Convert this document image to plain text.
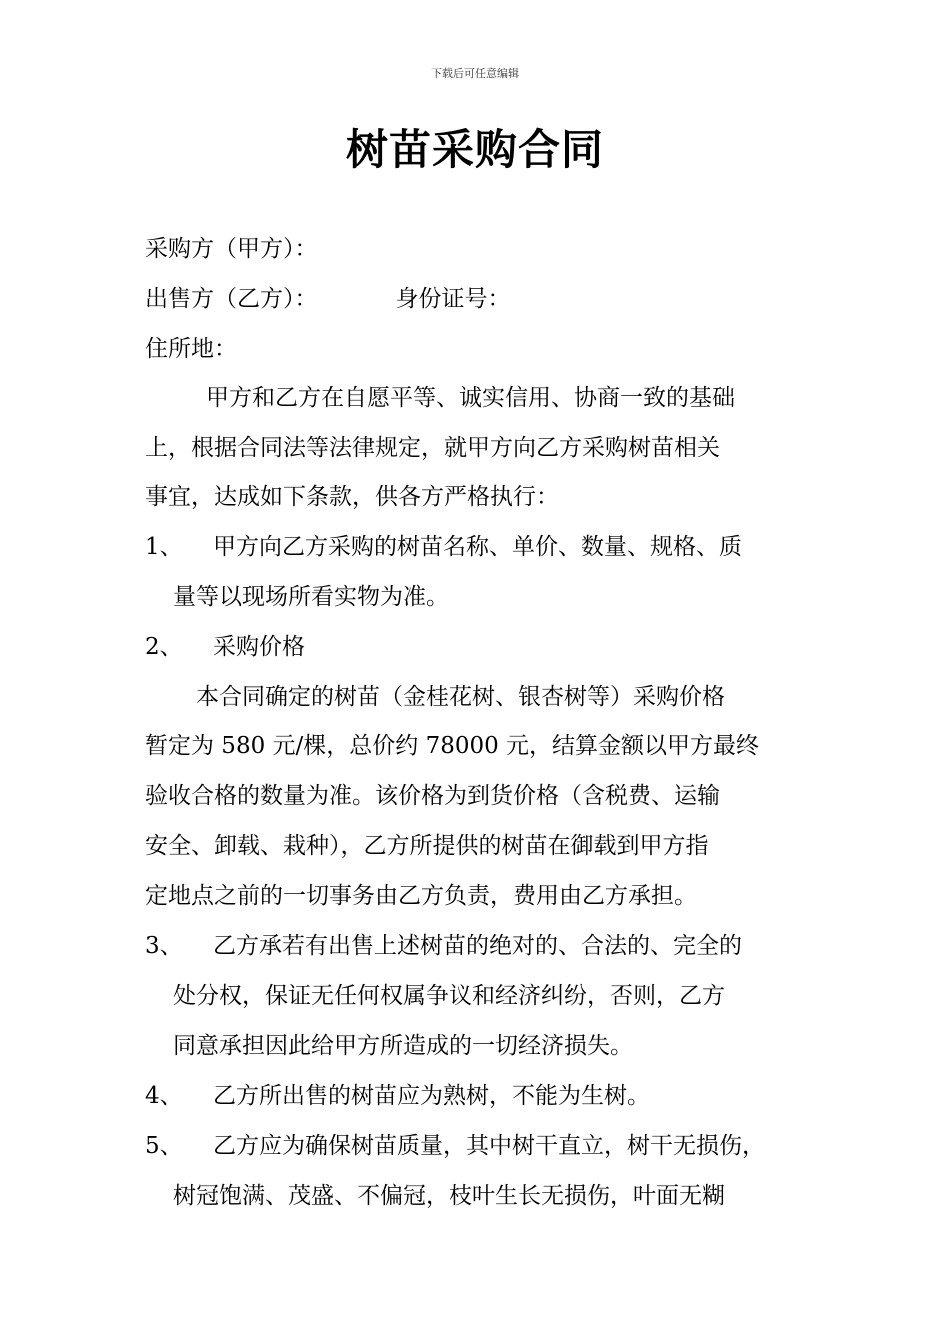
下载后可任意编辑
树苗采购合同
采购方（甲方）：
出售方（乙方）：	身份证号：
住所地：
甲方和乙方在自愿平等、诚实信用、协商一致的基础
上，根据合同法等法律规定，就甲方向乙方采购树苗相关
事宜，达成如下条款，供各方严格执行：
1、 甲方向乙方采购的树苗名称、单价、数量、规格、质
量等以现场所看实物为准。
2、 采购价格
本合同确定的树苗（金桂花树、银杏树等）采购价格
暂定为 580 元/棵，总价约 78000 元，结算金额以甲方最终
验收合格的数量为准。该价格为到货价格（含税费、运输
安全、卸载、栽种），乙方所提供的树苗在御载到甲方指
定地点之前的一切事务由乙方负责，费用由乙方承担。
3、 乙方承若有出售上述树苗的绝对的、合法的、完全的
处分权，保证无任何权属争议和经济纠纷，否则，乙方
同意承担因此给甲方所造成的一切经济损失。
4、 乙方所出售的树苗应为熟树，不能为生树。
5、 乙方应为确保树苗质量，其中树干直立，树干无损伤，
树冠饱满、茂盛、不偏冠，枝叶生长无损伤，叶面无糊
